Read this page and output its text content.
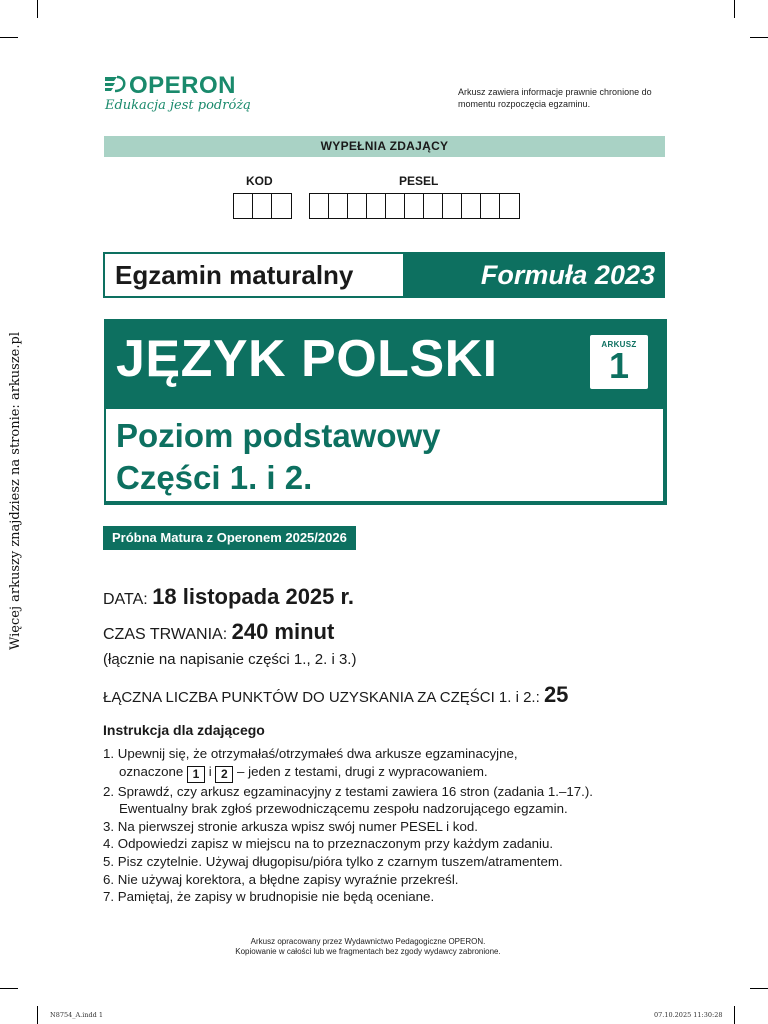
OPERON
Edukacja jest podróżą
Arkusz zawiera informacje prawnie chronione do momentu rozpoczęcia egzaminu.
WYPEŁNIA ZDAJĄCY
KOD	PESEL
Egzamin maturalny	Formuła 2023
JĘZYK POLSKI	ARKUSZ
1
Poziom podstawowy
Części 1. i 2.
Próbna Matura z Operonem 2025/2026
DATA: 18 listopada 2025 r.
CZAS TRWANIA: 240 minut
(łącznie na napisanie części 1., 2. i 3.)
ŁĄCZNA LICZBA PUNKTÓW DO UZYSKANIA ZA CZĘŚCI 1. i 2.: 25
Instrukcja dla zdającego
1. Upewnij się, że otrzymałaś/otrzymałeś dwa arkusze egzaminacyjne,
oznaczone 1 i 2 – jeden z testami, drugi z wypracowaniem.
2. Sprawdź, czy arkusz egzaminacyjny z testami zawiera 16 stron (zadania 1.–17.).
Ewentualny brak zgłoś przewodniczącemu zespołu nadzorującego egzamin.
3. Na pierwszej stronie arkusza wpisz swój numer PESEL i kod.
4. Odpowiedzi zapisz w miejscu na to przeznaczonym przy każdym zadaniu.
5. Pisz czytelnie. Używaj długopisu/pióra tylko z czarnym tuszem/atramentem.
6. Nie używaj korektora, a błędne zapisy wyraźnie przekreśl.
7. Pamiętaj, że zapisy w brudnopisie nie będą oceniane.
Arkusz opracowany przez Wydawnictwo Pedagogiczne OPERON.
Kopiowanie w całości lub we fragmentach bez zgody wydawcy zabronione.
Więcej arkuszy znajdziesz na stronie: arkusze.pl
N8754_A.indd 1	07.10.2025 11:30:28
